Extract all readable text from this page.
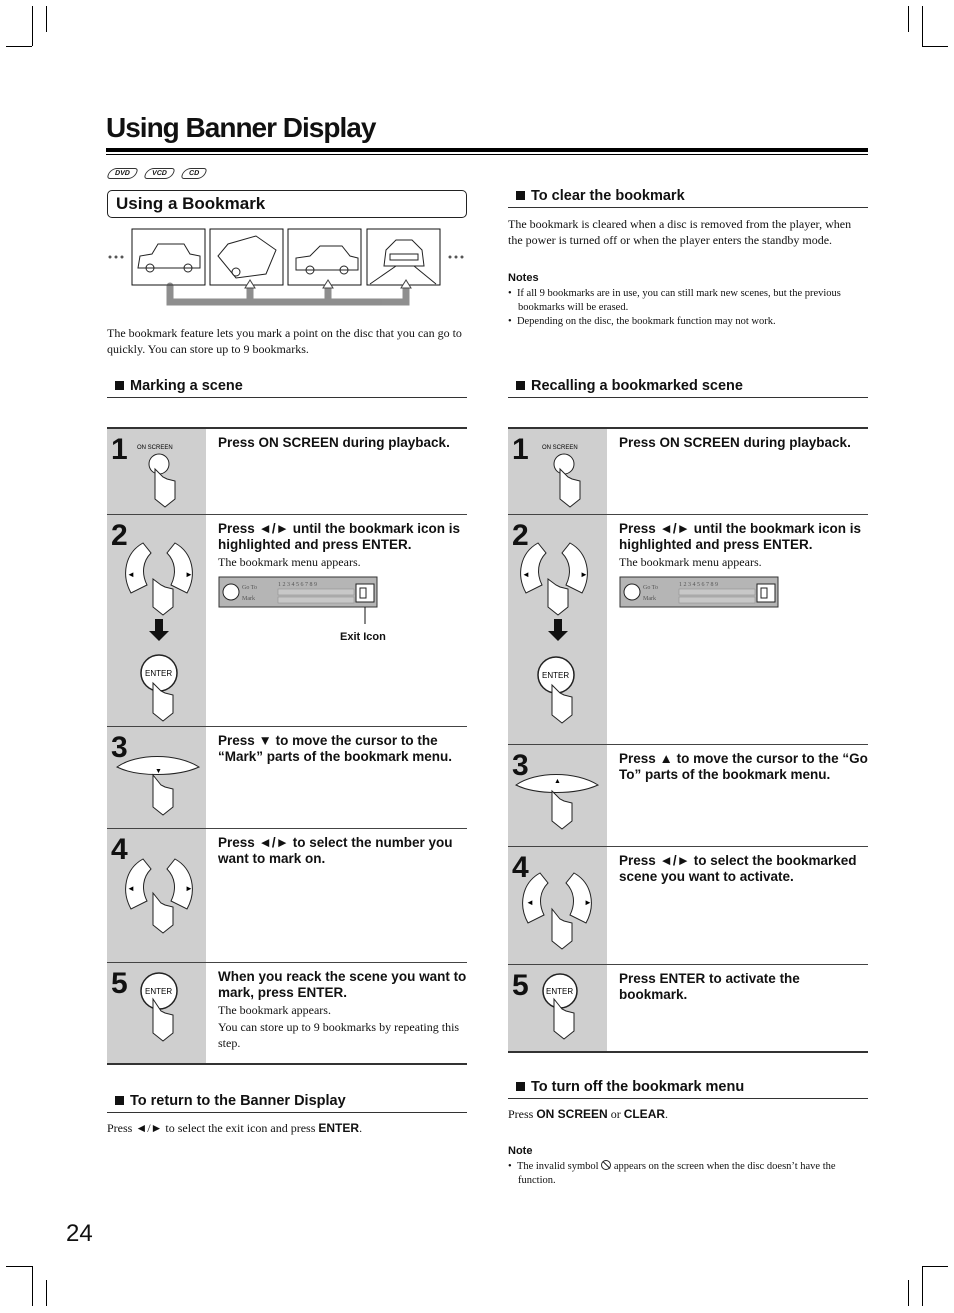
Using Banner Display
DVD	VCD	CD
Using a Bookmark
The bookmark feature lets you mark a point on the disc that you can go to quickly. You can store up to 9 bookmarks.
To clear the bookmark
The bookmark is cleared when a disc is removed from the player, when the power is turned off or when the player enters the standby mode.
Notes
•  If all 9 bookmarks are in use, you can still mark new scenes, but the previous bookmarks will be erased.
•  Depending on the disc, the bookmark function may not work.
Marking a scene	Recalling a bookmarked scene
1 ON SCREEN	Press ON SCREEN during playback.
2
◄	►
ENTER
Press ◄/► until the bookmark icon is highlighted and press ENTER.
The bookmark menu appears.
Go To
Mark
1 2 3 4 5 6 7 8 9
Exit Icon
3
▼
Press ▼ to move the cursor to the “Mark” parts of the bookmark menu.
4
◄	►
Press ◄/► to select the number you want to mark on.
5 ENTER
When you reack the scene you want to mark, press ENTER.
The bookmark appears.
You can store up to 9 bookmarks by repeating this step.
1 ON SCREEN	Press ON SCREEN during playback.
2
◄	►
ENTER
Press ◄/► until the bookmark icon is highlighted and press ENTER.
The bookmark menu appears.
Go To
Mark
1 2 3 4 5 6 7 8 9
3	▲
Press ▲ to move the cursor to the “Go To” parts of the bookmark menu.
4
◄	►
Press ◄/► to select the bookmarked scene you want to activate.
5 ENTER
Press ENTER to activate the bookmark.
To return to the Banner Display
Press ◄/► to select the exit icon and press ENTER.
To turn off the bookmark menu
Press ON SCREEN or CLEAR.
Note
•  The invalid symbol
appears on the screen when the disc doesn’t have the function.
24
